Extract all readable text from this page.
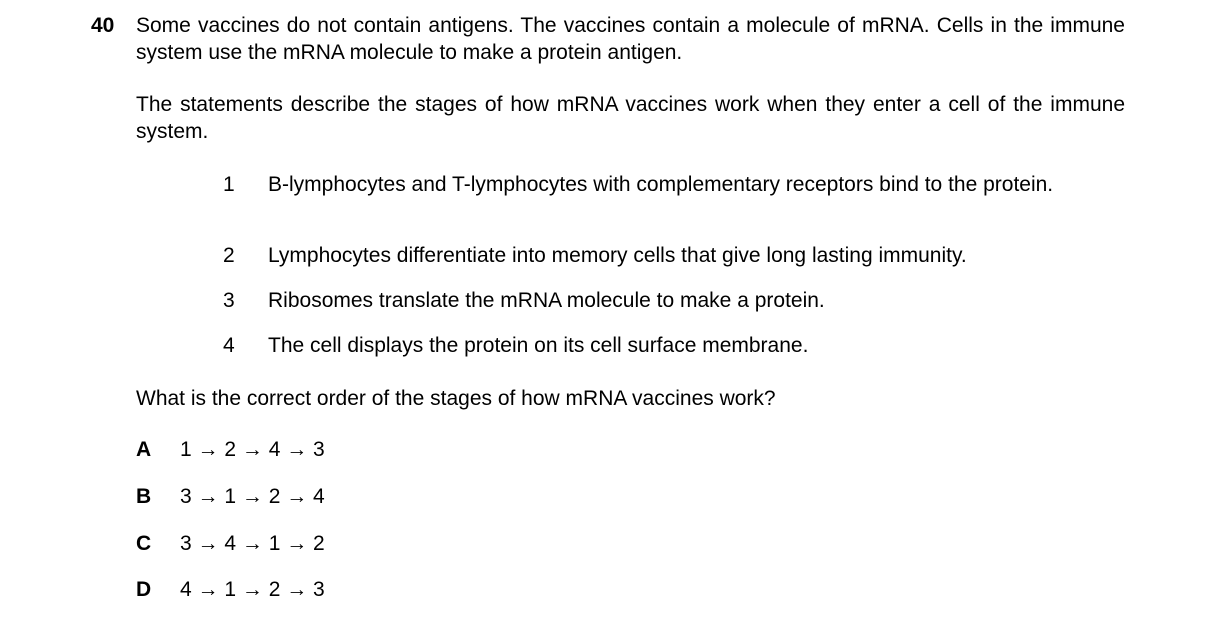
40 Some vaccines do not contain antigens. The vaccines contain a molecule of mRNA. Cells in the immune system use the mRNA molecule to make a protein antigen.
The statements describe the stages of how mRNA vaccines work when they enter a cell of the immune system.
1 B-lymphocytes and T-lymphocytes with complementary receptors bind to the protein.
2 Lymphocytes differentiate into memory cells that give long lasting immunity.
3 Ribosomes translate the mRNA molecule to make a protein.
4 The cell displays the protein on its cell surface membrane.
What is the correct order of the stages of how mRNA vaccines work?
A 1 → 2 → 4 → 3
B 3 → 1 → 2 → 4
C 3 → 4 → 1 → 2
D 4 → 1 → 2 → 3
